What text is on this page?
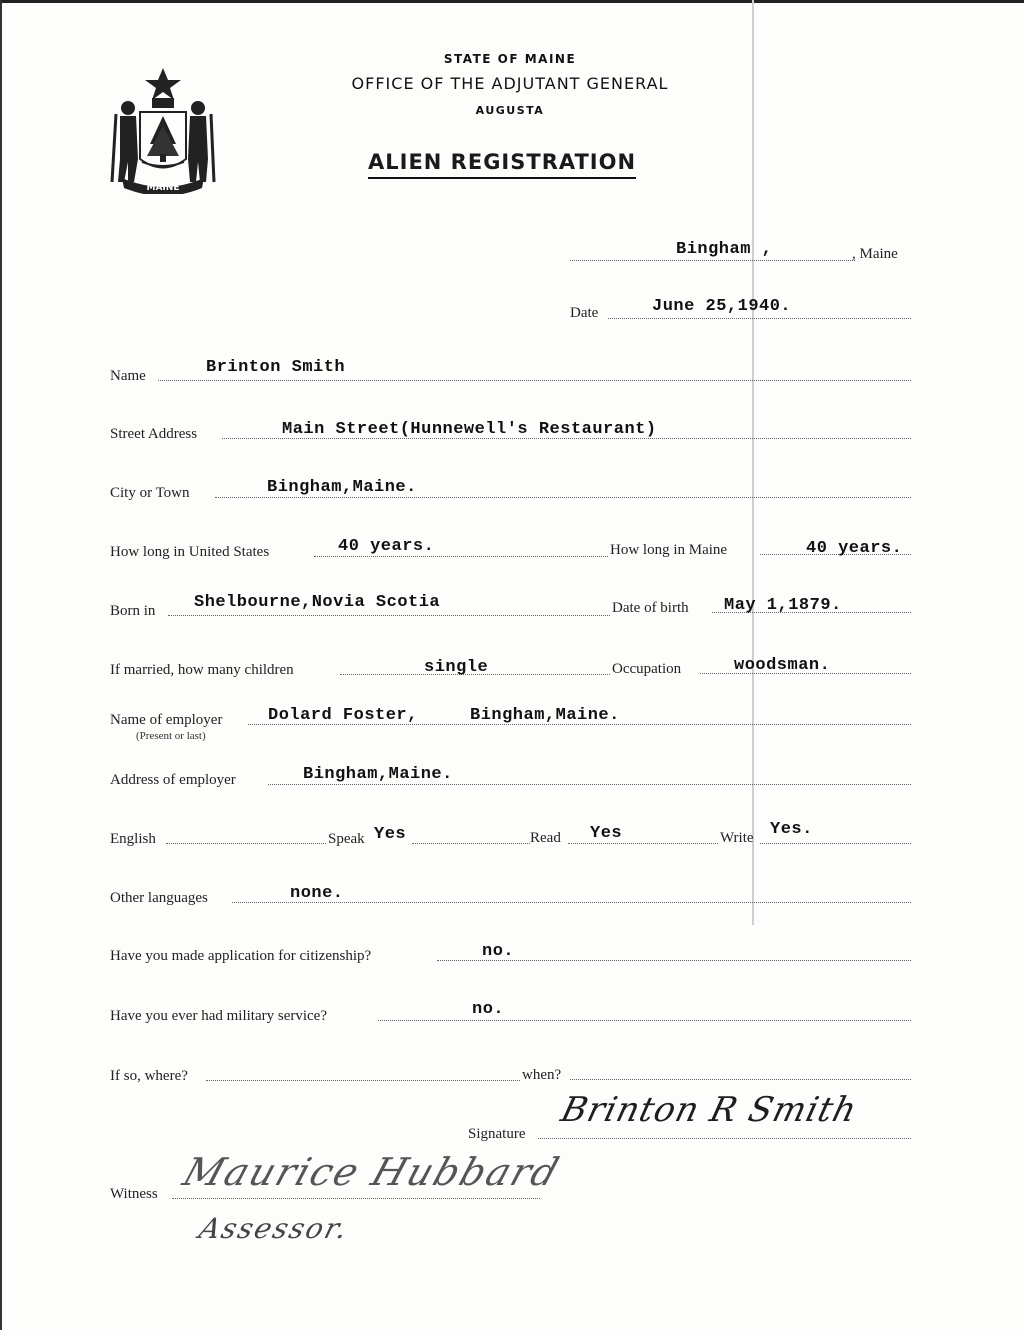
MAINE
STATE OF MAINE
OFFICE OF THE ADJUTANT GENERAL
AUGUSTA
ALIEN REGISTRATION
Bingham ,	, Maine
Date	June 25,1940.
Name	Brinton Smith
Street Address	Main Street(Hunnewell's Restaurant)
City or Town	Bingham,Maine.
How long in United States	40 years.	How long in Maine	40 years.
Born in Shelbourne,Novia Scotia	Date of birth May 1,1879.
If married, how many children	single	Occupation	woodsman.
Name of employer
(Present or last)
Dolard Foster,	Bingham,Maine.
Address of employer	Bingham,Maine.
English	Speak Yes	Read Yes	Write Yes.
Other languages	none.
Have you made application for citizenship?	no.
Have you ever had military service?	no.
If so, where?	when?
Signature
Brinton R Smith
Witness Maurice Hubbard
Assessor.
